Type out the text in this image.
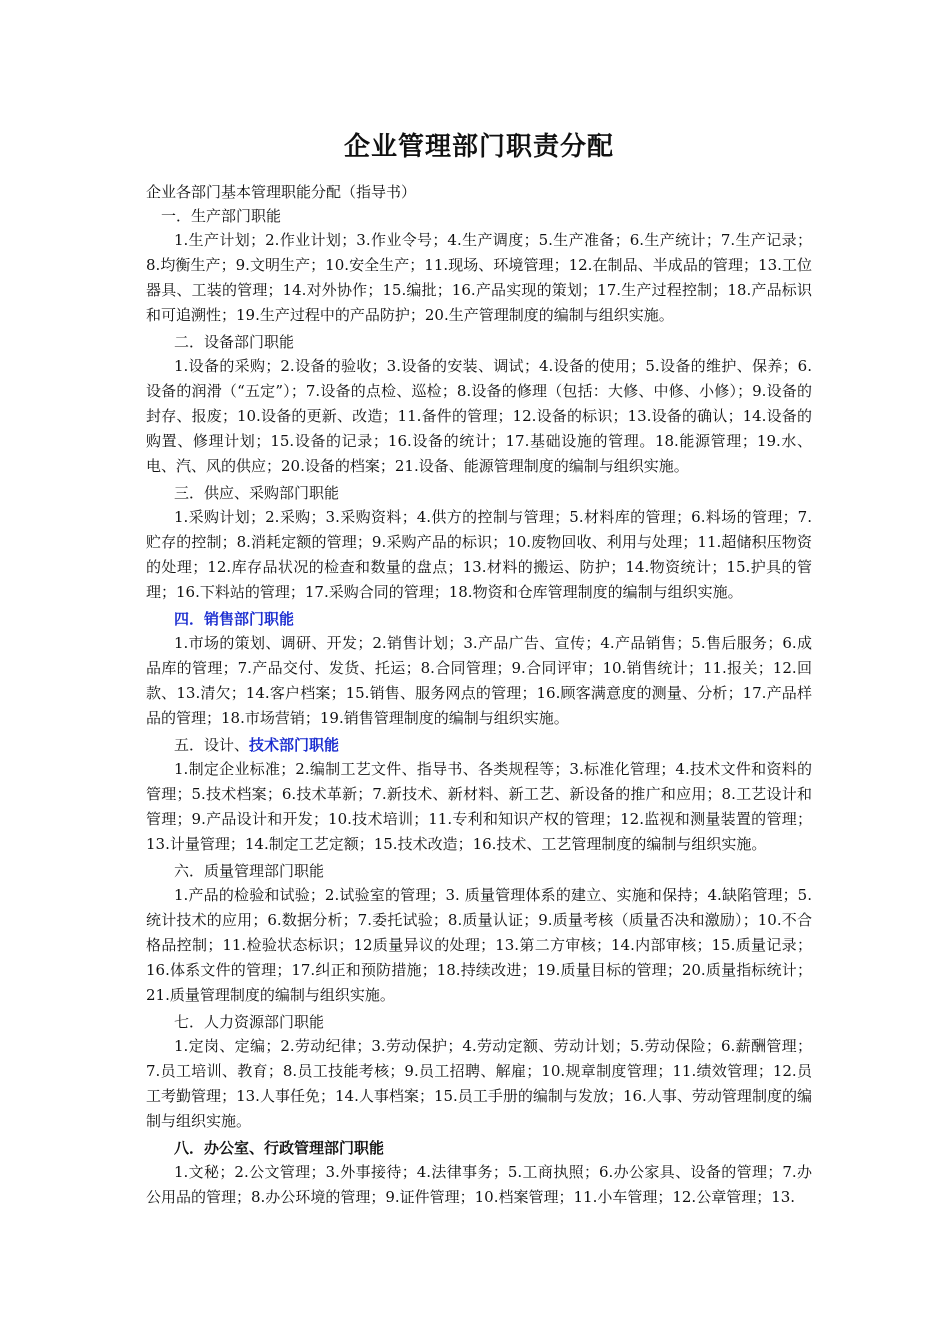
企业管理部门职责分配

企业各部门基本管理职能分配（指导书）

一．生产部门职能

1.生产计划；2.作业计划；3.作业令号；4.生产调度；5.生产准备；6.生产统计；7.生产记录；8.均衡生产；9.文明生产；10.安全生产；11.现场、环境管理；12.在制品、半成品的管理；13.工位器具、工装的管理；14.对外协作；15.编批；16.产品实现的策划；17.生产过程控制；18.产品标识和可追溯性；19.生产过程中的产品防护；20.生产管理制度的编制与组织实施。

二．设备部门职能

1.设备的采购；2.设备的验收；3.设备的安装、调试；4.设备的使用；5.设备的维护、保养；6.设备的润滑（“五定”）；7.设备的点检、巡检；8.设备的修理（包括：大修、中修、小修）；9.设备的封存、报废；10.设备的更新、改造；11.备件的管理；12.设备的标识；13.设备的确认；14.设备的购置、修理计划；15.设备的记录；16.设备的统计；17.基础设施的管理。18.能源管理；19.水、电、汽、风的供应；20.设备的档案；21.设备、能源管理制度的编制与组织实施。

三．供应、采购部门职能

1.采购计划；2.采购；3.采购资料；4.供方的控制与管理；5.材料库的管理；6.料场的管理；7.贮存的控制；8.消耗定额的管理；9.采购产品的标识；10.废物回收、利用与处理；11.超储积压物资的处理；12.库存品状况的检查和数量的盘点；13.材料的搬运、防护；14.物资统计；15.护具的管理；16.下料站的管理；17.采购合同的管理；18.物资和仓库管理制度的编制与组织实施。

四．销售部门职能

1.市场的策划、调研、开发；2.销售计划；3.产品广告、宣传；4.产品销售；5.售后服务；6.成品库的管理；7.产品交付、发货、托运；8.合同管理；9.合同评审；10.销售统计；11.报关；12.回款、13.清欠；14.客户档案；15.销售、服务网点的管理；16.顾客满意度的测量、分析；17.产品样品的管理；18.市场营销；19.销售管理制度的编制与组织实施。

五．设计、技术部门职能

1.制定企业标准；2.编制工艺文件、指导书、各类规程等；3.标准化管理；4.技术文件和资料的管理；5.技术档案；6.技术革新；7.新技术、新材料、新工艺、新设备的推广和应用；8.工艺设计和管理；9.产品设计和开发；10.技术培训；11.专利和知识产权的管理；12.监视和测量装置的管理；13.计量管理；14.制定工艺定额；15.技术改造；16.技术、工艺管理制度的编制与组织实施。

六．质量管理部门职能

1.产品的检验和试验；2.试验室的管理；3. 质量管理体系的建立、实施和保持；4.缺陷管理；5.统计技术的应用；6.数据分析；7.委托试验；8.质量认证；9.质量考核（质量否决和激励）；10.不合格品控制；11.检验状态标识；12质量异议的处理；13.第二方审核；14.内部审核；15.质量记录；16.体系文件的管理；17.纠正和预防措施；18.持续改进；19.质量目标的管理；20.质量指标统计；21.质量管理制度的编制与组织实施。

七．人力资源部门职能

1.定岗、定编；2.劳动纪律；3.劳动保护；4.劳动定额、劳动计划；5.劳动保险；6.薪酬管理；7.员工培训、教育；8.员工技能考核；9.员工招聘、解雇；10.规章制度管理；11.绩效管理；12.员工考勤管理；13.人事任免；14.人事档案；15.员工手册的编制与发放；16.人事、劳动管理制度的编制与组织实施。

八．办公室、行政管理部门职能

1.文秘；2.公文管理；3.外事接待；4.法律事务；5.工商执照；6.办公家具、设备的管理；7.办公用品的管理；8.办公环境的管理；9.证件管理；10.档案管理；11.小车管理；12.公章管理；13.
